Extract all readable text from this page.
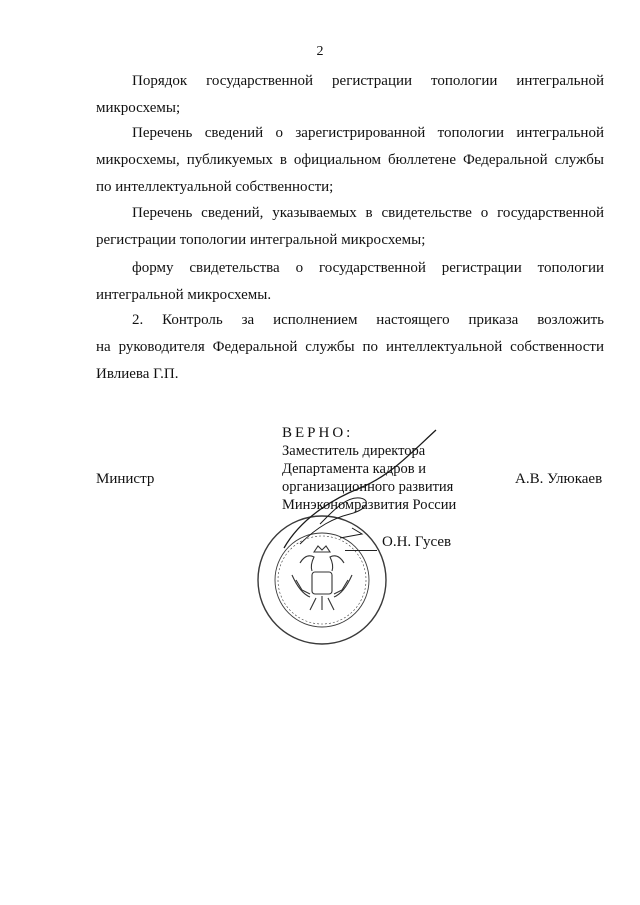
2
Порядок государственной регистрации топологии интегральной
микросхемы;
Перечень сведений о зарегистрированной топологии интегральной
микросхемы, публикуемых в официальном бюллетене Федеральной службы по интеллектуальной собственности;
Перечень сведений, указываемых в свидетельстве о государственной
регистрации топологии интегральной микросхемы;
форму свидетельства о государственной регистрации топологии
интегральной микросхемы.
2. Контроль за исполнением настоящего приказа возложить
на руководителя Федеральной службы по интеллектуальной собственности Ивлиева Г.П.
ВЕРНО:
Заместитель директора
Департамента кадров и
организационного развития
Минэкономразвития России
Министр	А.В. Улюкаев
О.Н. Гусев
